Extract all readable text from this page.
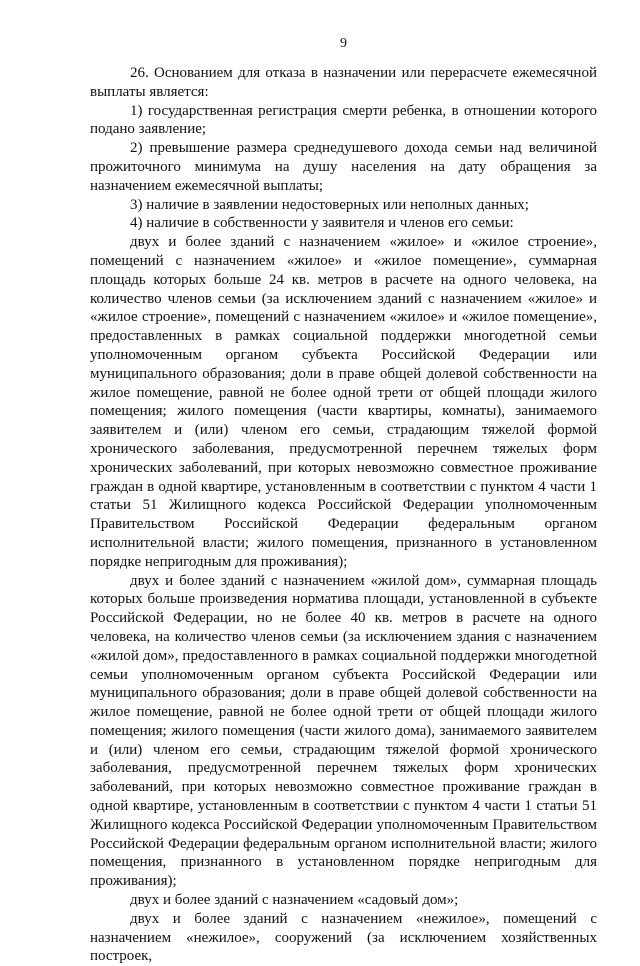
9

26. Основанием для отказа в назначении или перерасчете ежемесячной выплаты является:

1) государственная регистрация смерти ребенка, в отношении которого подано заявление;

2) превышение размера среднедушевого дохода семьи над величиной прожиточного минимума на душу населения на дату обращения за назначением ежемесячной выплаты;

3) наличие в заявлении недостоверных или неполных данных;

4) наличие в собственности у заявителя и членов его семьи:

двух и более зданий с назначением «жилое» и «жилое строение», помещений с назначением «жилое» и «жилое помещение», суммарная площадь которых больше 24 кв. метров в расчете на одного человека, на количество членов семьи (за исключением зданий с назначением «жилое» и «жилое строение», помещений с назначением «жилое» и «жилое помещение», предоставленных в рамках социальной поддержки многодетной семьи уполномоченным органом субъекта Российской Федерации или муниципального образования; доли в праве общей долевой собственности на жилое помещение, равной не более одной трети от общей площади жилого помещения; жилого помещения (части квартиры, комнаты), занимаемого заявителем и (или) членом его семьи, страдающим тяжелой формой хронического заболевания, предусмотренной перечнем тяжелых форм хронических заболеваний, при которых невозможно совместное проживание граждан в одной квартире, установленным в соответствии с пунктом 4 части 1 статьи 51 Жилищного кодекса Российской Федерации уполномоченным Правительством Российской Федерации федеральным органом исполнительной власти; жилого помещения, признанного в установленном порядке непригодным для проживания);

двух и более зданий с назначением «жилой дом», суммарная площадь которых больше произведения норматива площади, установленной в субъекте Российской Федерации, но не более 40 кв. метров в расчете на одного человека, на количество членов семьи (за исключением здания с назначением «жилой дом», предоставленного в рамках социальной поддержки многодетной семьи уполномоченным органом субъекта Российской Федерации или муниципального образования; доли в праве общей долевой собственности на жилое помещение, равной не более одной трети от общей площади жилого помещения; жилого помещения (части жилого дома), занимаемого заявителем и (или) членом его семьи, страдающим тяжелой формой хронического заболевания, предусмотренной перечнем тяжелых форм хронических заболеваний, при которых невозможно совместное проживание граждан в одной квартире, установленным в соответствии с пунктом 4 части 1 статьи 51 Жилищного кодекса Российской Федерации уполномоченным Правительством Российской Федерации федеральным органом исполнительной власти; жилого помещения, признанного в установленном порядке непригодным для проживания);

двух и более зданий с назначением «садовый дом»;

двух и более зданий с назначением «нежилое», помещений с назначением «нежилое», сооружений (за исключением хозяйственных построек,
